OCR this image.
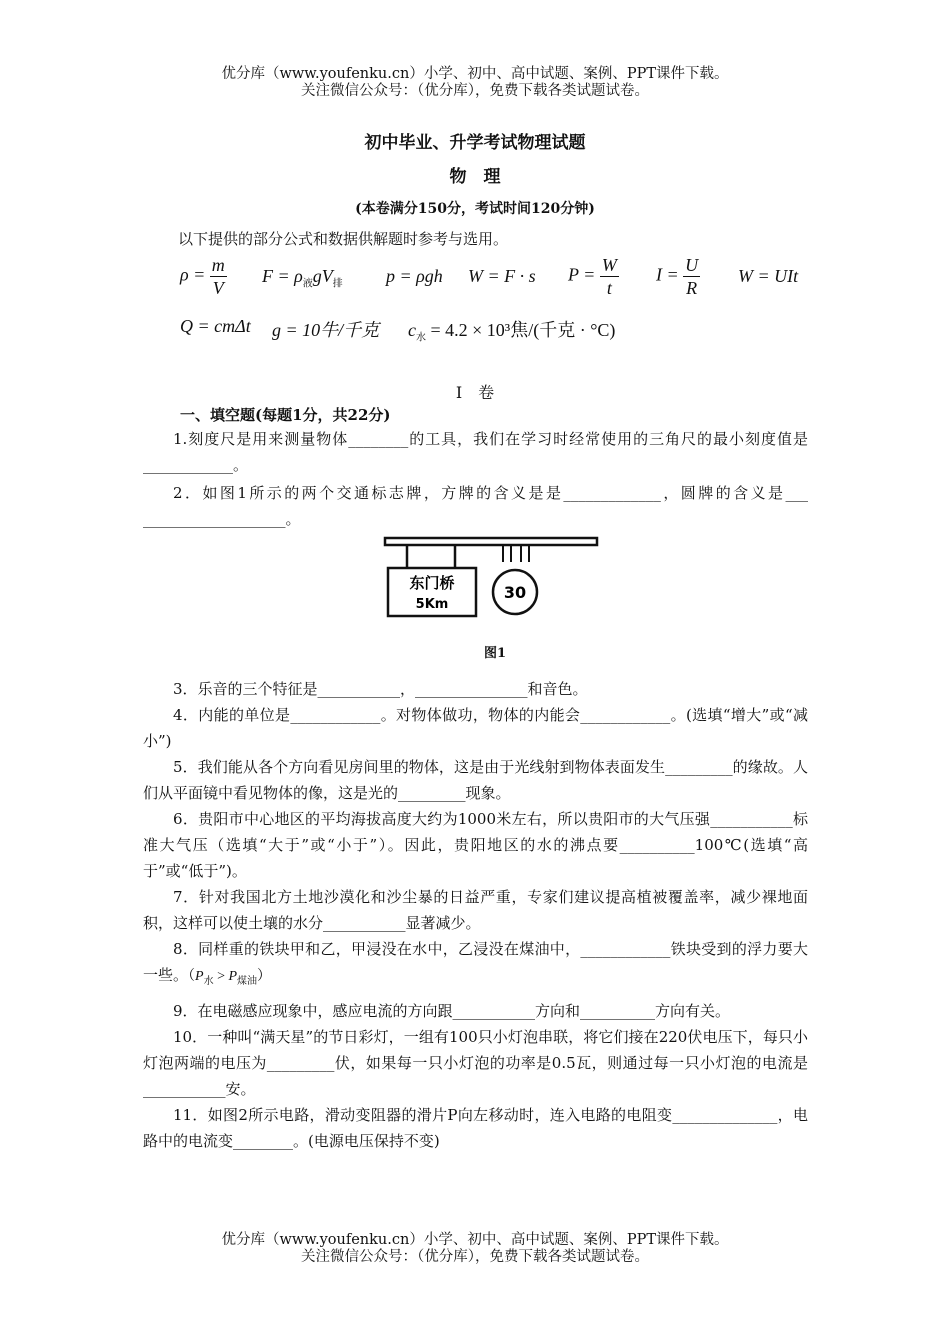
优分库（www.youfenku.cn）小学、初中、高中试题、案例、PPT课件下载。
关注微信公众号：（优分库），免费下载各类试题试卷。
初中毕业、升学考试物理试题
物　理
(本卷满分150分，考试时间120分钟)
以下提供的部分公式和数据供解题时参考与选用。
$\rho = \frac{m}{V}$ $F = \rho_液gV_排$ p = ρgh W = F · s $P = \frac{W}{t}$ $I = \frac{U}{R}$ W = UIt
Q = cmΔt g = 10牛/千克 $c_水 = 4.2 \times 10^3$焦/(千克 · °C)
Ⅰ　卷
一、填空题(每题1分，共22分)

1.刻度尺是用来测量物体________的工具，我们在学习时经常使用的三角尺的最小刻度值是____________。

2．如图1所示的两个交通标志牌，方牌的含义是是_____________，圆牌的含义是___ ___________________。

东门桥
5Km
30
图1

3．乐音的三个特征是___________，_______________和音色。

4．内能的单位是____________。对物体做功，物体的内能会____________。(选填“增大”或“减小”)

5．我们能从各个方向看见房间里的物体，这是由于光线射到物体表面发生_________的缘故。人们从平面镜中看见物体的像，这是光的_________现象。

6．贵阳市中心地区的平均海拔高度大约为1000米左右，所以贵阳市的大气压强___________标准大气压（选填“大于”或“小于”）。因此，贵阳地区的水的沸点要__________100℃(选填“高于”或“低于”)。

7．针对我国北方土地沙漠化和沙尘暴的日益严重，专家们建议提高植被覆盖率，减少裸地面积，这样可以使土壤的水分___________显著减少。

8．同样重的铁块甲和乙，甲浸没在水中，乙浸没在煤油中，____________铁块受到的浮力要大一些。$(P_水 > P_{煤油})$

9．在电磁感应现象中，感应电流的方向跟___________方向和__________方向有关。

10．一种叫“满天星”的节日彩灯，一组有100只小灯泡串联，将它们接在220伏电压下，每只小灯泡两端的电压为_________伏，如果每一只小灯泡的功率是0.5瓦，则通过每一只小灯泡的电流是___________安。

11．如图2所示电路，滑动变阻器的滑片P向左移动时，连入电路的电阻变______________，电路中的电流变________。(电源电压保持不变)

优分库（www.youfenku.cn）小学、初中、高中试题、案例、PPT课件下载。
关注微信公众号：（优分库），免费下载各类试题试卷。
